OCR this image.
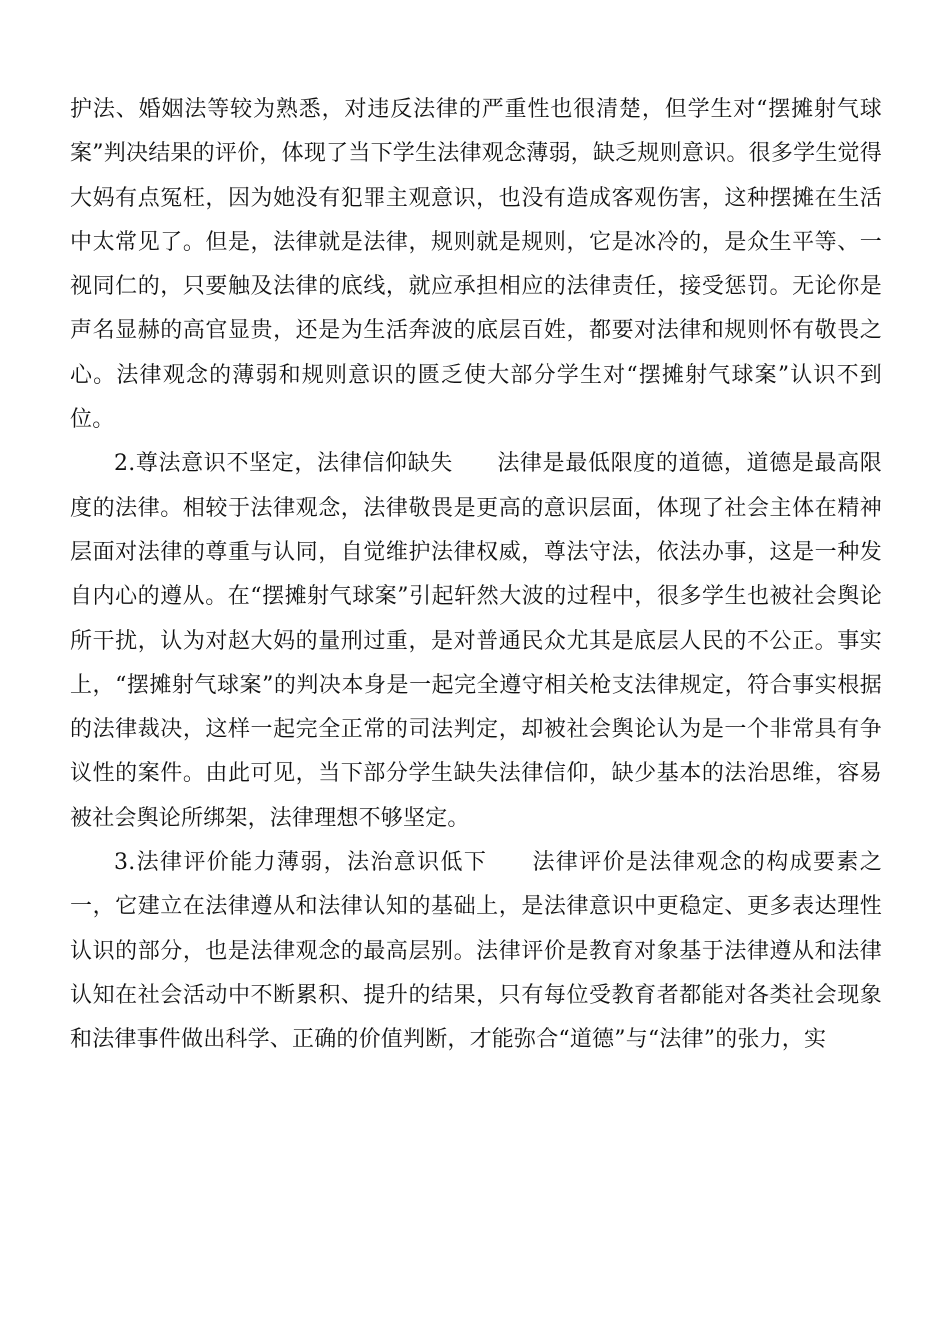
护法、婚姻法等较为熟悉，对违反法律的严重性也很清楚，但学生对“摆摊射气球案”判决结果的评价，体现了当下学生法律观念薄弱，缺乏规则意识。很多学生觉得大妈有点冤枉，因为她没有犯罪主观意识，也没有造成客观伤害，这种摆摊在生活中太常见了。但是，法律就是法律，规则就是规则，它是冰冷的，是众生平等、一视同仁的，只要触及法律的底线，就应承担相应的法律责任，接受惩罚。无论你是声名显赫的高官显贵，还是为生活奔波的底层百姓，都要对法律和规则怀有敬畏之心。法律观念的薄弱和规则意识的匮乏使大部分学生对“摆摊射气球案”认识不到位。

2.尊法意识不坚定，法律信仰缺失 法律是最低限度的道德，道德是最高限度的法律。相较于法律观念，法律敬畏是更高的意识层面，体现了社会主体在精神层面对法律的尊重与认同，自觉维护法律权威，尊法守法，依法办事，这是一种发自内心的遵从。在“摆摊射气球案”引起轩然大波的过程中，很多学生也被社会舆论所干扰，认为对赵大妈的量刑过重，是对普通民众尤其是底层人民的不公正。事实上，“摆摊射气球案”的判决本身是一起完全遵守相关枪支法律规定，符合事实根据的法律裁决，这样一起完全正常的司法判定，却被社会舆论认为是一个非常具有争议性的案件。由此可见，当下部分学生缺失法律信仰，缺少基本的法治思维，容易被社会舆论所绑架，法律理想不够坚定。

3.法律评价能力薄弱，法治意识低下 法律评价是法律观念的构成要素之一，它建立在法律遵从和法律认知的基础上，是法律意识中更稳定、更多表达理性认识的部分，也是法律观念的最高层别。法律评价是教育对象基于法律遵从和法律认知在社会活动中不断累积、提升的结果，只有每位受教育者都能对各类社会现象和法律事件做出科学、正确的价值判断，才能弥合“道德”与“法律”的张力，实
